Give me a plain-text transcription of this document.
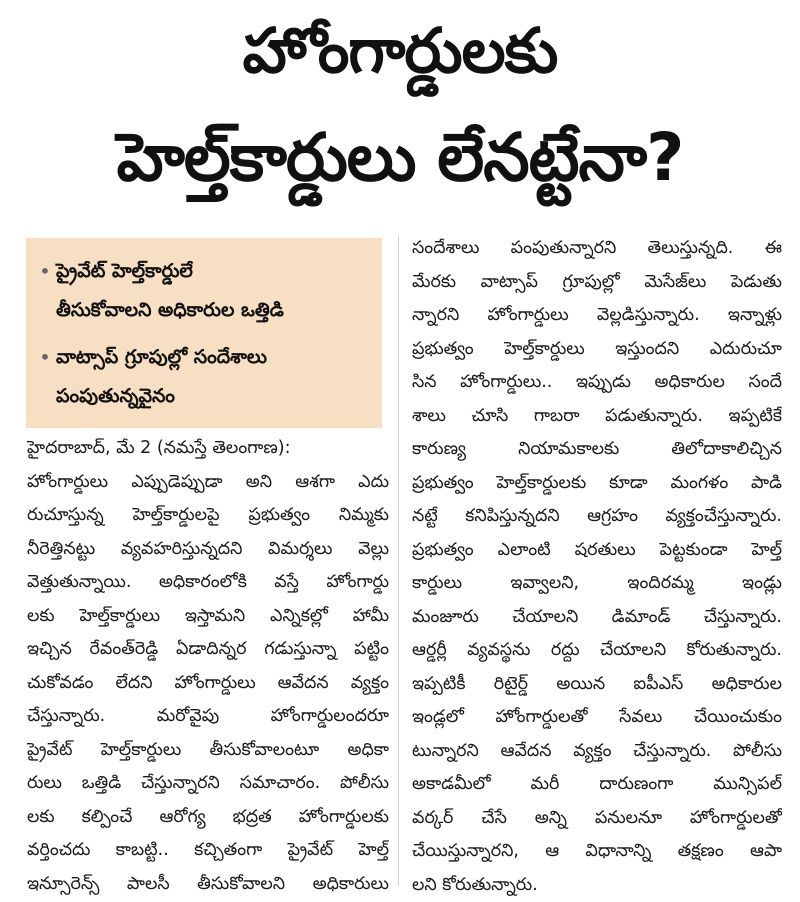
హోంగార్డులకు
హెల్త్‌కార్డులు లేనట్టేనా?
• ప్రైవేట్ హెల్త్‌కార్డులే
తీసుకోవాలని అధికారుల ఒత్తిడి
• వాట్సాప్ గ్రూపుల్లో సందేశాలు
పంపుతున్నవైనం
హైదరాబాద్, మే 2 (నమస్తే తెలంగాణ):
హోంగార్డులు ఎప్పుడెప్పుడా అని ఆశగా ఎదు
రుచూస్తున్న హెల్త్‌కార్డులపై ప్రభుత్వం నిమ్మకు
నీరెత్తినట్టు వ్యవహరిస్తున్నదని విమర్శలు వెల్లు
వెత్తుతున్నాయి. అధికారంలోకి వస్తే హోంగార్డు
లకు హెల్త్‌కార్డులు ఇస్తామని ఎన్నికల్లో హామీ
ఇచ్చిన రేవంత్‌రెడ్డి ఏడాదిన్నర గడుస్తున్నా పట్టిం
చుకోవడం లేదని హోంగార్డులు ఆవేదన వ్యక్తం
చేస్తున్నారు. మరోవైపు హోంగార్డులందరూ
ప్రైవేట్ హెల్త్‌కార్డులు తీసుకోవాలంటూ అధికా
రులు ఒత్తిడి చేస్తున్నారని సమాచారం. పోలీసు
లకు కల్పించే ఆరోగ్య భద్రత హోంగార్డులకు
వర్తించదు కాబట్టి.. కచ్చితంగా ప్రైవేట్ హెల్త్
ఇన్సూరెన్స్ పాలసీ తీసుకోవాలని అధికారులు
సందేశాలు పంపుతున్నారని తెలుస్తున్నది. ఈ
మేరకు వాట్సాప్ గ్రూపుల్లో మెసేజ్‌లు పెడుతు
న్నారని హోంగార్డులు వెల్లడిస్తున్నారు. ఇన్నాళ్లు
ప్రభుత్వం హెల్త్‌కార్డులు ఇస్తుందని ఎదురుచూ
సిన హోంగార్డులు.. ఇప్పుడు అధికారుల సందే
శాలు చూసి గాబరా పడుతున్నారు. ఇప్పటికే
కారుణ్య నియామకాలకు తిలోదాకాలిచ్చిన
ప్రభుత్వం హెల్త్‌కార్డులకు కూడా మంగళం పాడి
నట్టే కనిపిస్తున్నదని ఆగ్రహం వ్యక్తంచేస్తున్నారు.
ప్రభుత్వం ఎలాంటి షరతులు పెట్టకుండా హెల్త్
కార్డులు ఇవ్వాలని, ఇందిరమ్మ ఇండ్లు
మంజూరు చేయాలని డిమాండ్ చేస్తున్నారు.
ఆర్డర్లీ వ్యవస్థను రద్దు చేయాలని కోరుతున్నారు.
ఇప్పటికీ రిటైర్డ్ అయిన ఐపీఎస్ అధికారుల
ఇండ్లలో హోంగార్డులతో సేవలు చేయించుకుం
టున్నారని ఆవేదన వ్యక్తం చేస్తున్నారు. పోలీసు
అకాడమీలో మరీ దారుణంగా మున్సిపల్
వర్కర్ చేసే అన్ని పనులనూ హోంగార్డులతో
చేయిస్తున్నారని, ఆ విధానాన్ని తక్షణం ఆపా
లని కోరుతున్నారు.
